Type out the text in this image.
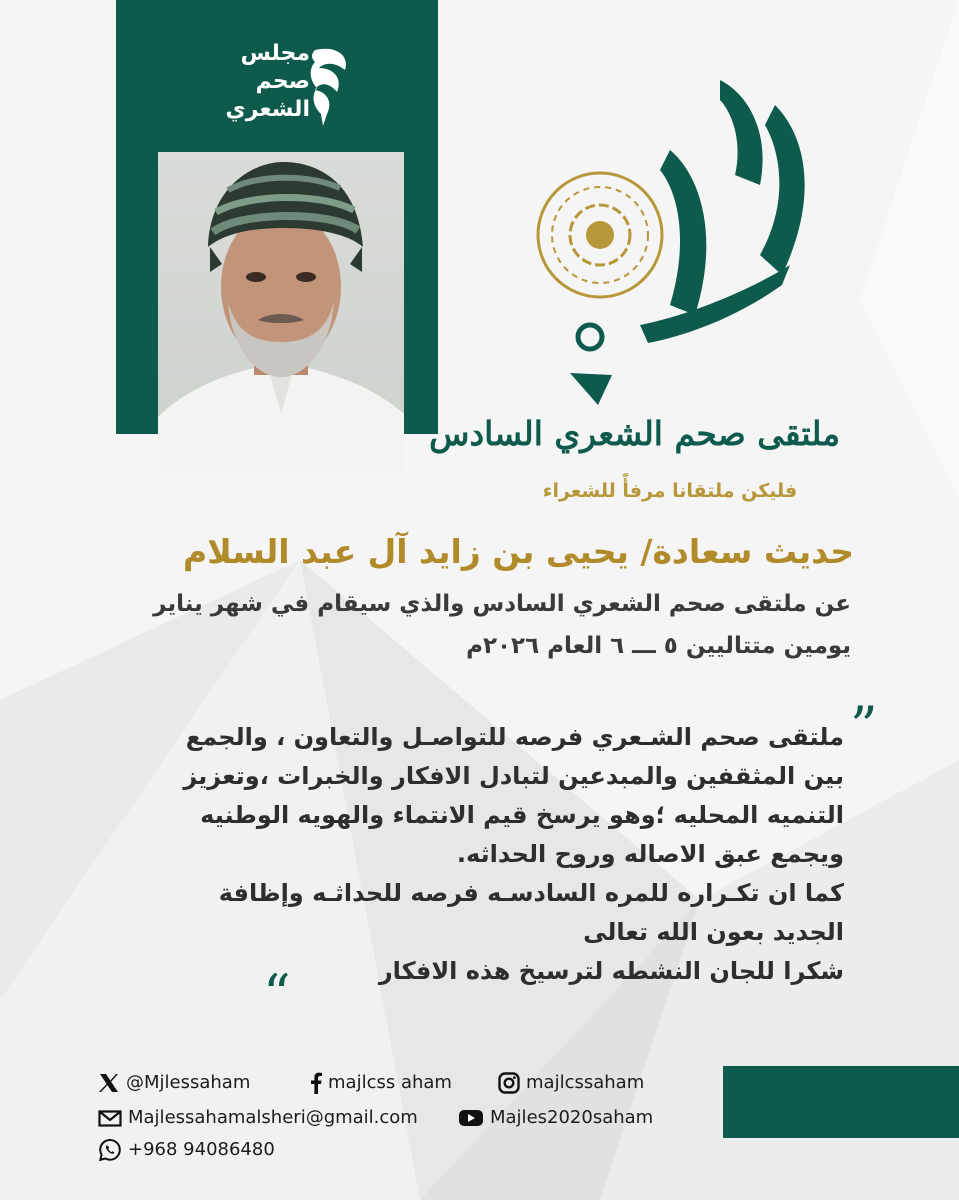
مجلس
صحم
الشعري
ملتقى صحم الشعري السادس
فليكن ملتقانا مرفأً للشعراء
حديث سعادة/ يحيى بن زايد آل عبد السلام
عن ملتقى صحم الشعري السادس والذي سيقام في شهر يناير
يومين متتاليين ٥ ـــ ٦ العام ٢٠٢٦م
”
ملتقى صحم الشـعري فرصه للتواصـل والتعاون ، والجمع
بين المثقفين والمبدعين لتبادل الافكار والخبرات ،وتعزيز
التنميه المحليه ؛وهو يرسخ قيم الانتماء والهويه الوطنيه
ويجمع عبق الاصاله وروح الحداثه.
كما ان تكـراره للمره السادسـه فرصه للحداثـه وإظافة
الجديد بعون الله تعالى
شكرا للجان النشطه لترسيخ هذه الافكار
“
@Mjlessaham	majlcss aham	majlcssaham
Majlessahamalsheri@gmail.com	Majles2020saham
+968 94086480
